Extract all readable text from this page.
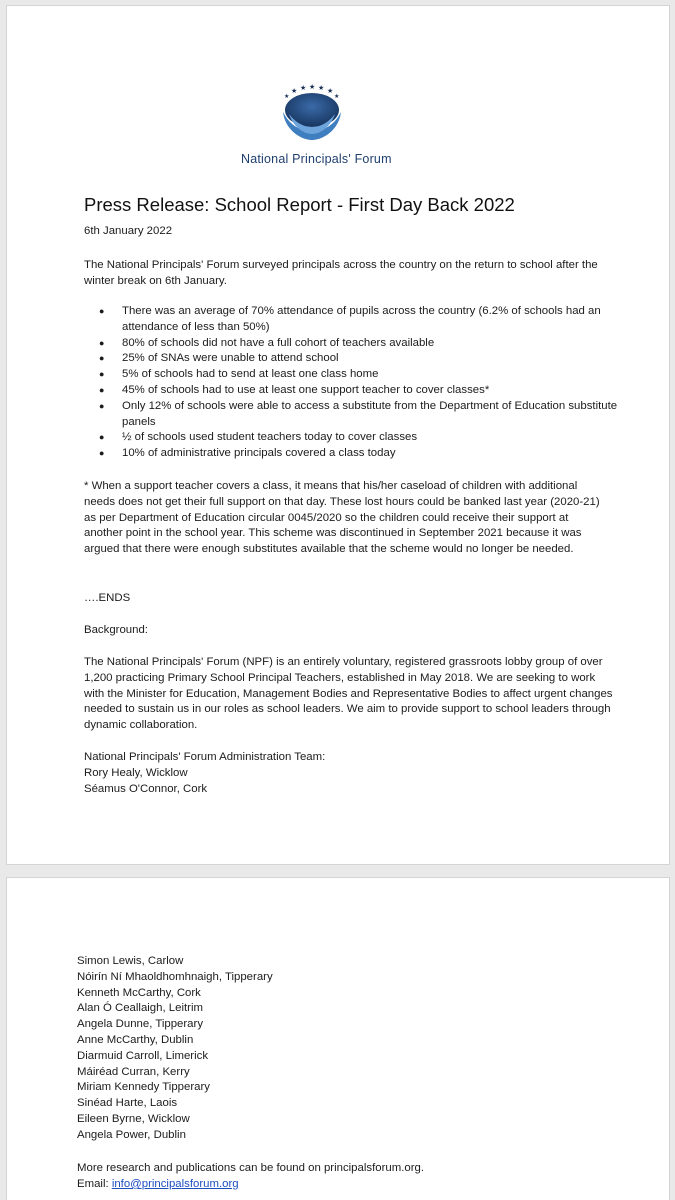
★ ★ ★ ★ ★
★	★
National Principals' Forum
Press Release: School Report - First Day Back 2022
6th January 2022
The National Principals' Forum surveyed principals across the country on the return to school after the winter break on 6th January.
● There was an average of 70% attendance of pupils across the country (6.2% of schools had an attendance of less than 50%)
● 80% of schools did not have a full cohort of teachers available
● 25% of SNAs were unable to attend school
● 5% of schools had to send at least one class home
● 45% of schools had to use at least one support teacher to cover classes*
● Only 12% of schools were able to access a substitute from the Department of Education substitute panels
● ½ of schools used student teachers today to cover classes
● 10% of administrative principals covered a class today
* When a support teacher covers a class, it means that his/her caseload of children with additional needs does not get their full support on that day. These lost hours could be banked last year (2020-21) as per Department of Education circular 0045/2020 so the children could receive their support at another point in the school year. This scheme was discontinued in September 2021 because it was argued that there were enough substitutes available that the scheme would no longer be needed.
….ENDS
Background:
The National Principals' Forum (NPF) is an entirely voluntary, registered grassroots lobby group of over 1,200 practicing Primary School Principal Teachers, established in May 2018. We are seeking to work with the Minister for Education, Management Bodies and Representative Bodies to affect urgent changes needed to sustain us in our roles as school leaders. We aim to provide support to school leaders through dynamic collaboration.
National Principals' Forum Administration Team:
Rory Healy, Wicklow
Séamus O'Connor, Cork
Simon Lewis, Carlow
Nóirín Ní Mhaoldhomhnaigh, Tipperary
Kenneth McCarthy, Cork
Alan Ó Ceallaigh, Leitrim
Angela Dunne, Tipperary
Anne McCarthy, Dublin
Diarmuid Carroll, Limerick
Máiréad Curran, Kerry
Miriam Kennedy Tipperary
Sinéad Harte, Laois
Eileen Byrne, Wicklow
Angela Power, Dublin
More research and publications can be found on principalsforum.org.
Email: info@principalsforum.org
